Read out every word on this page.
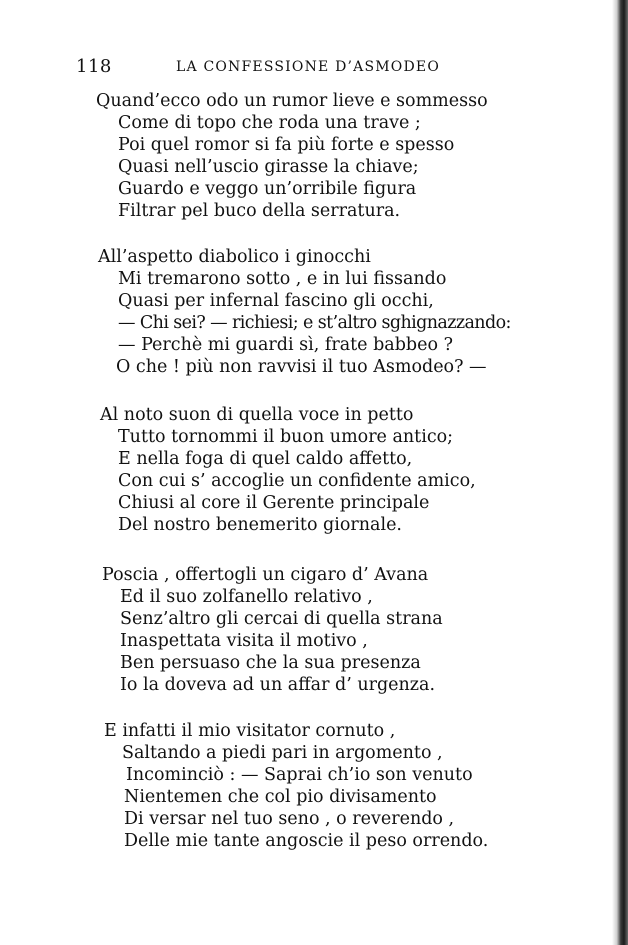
118	LA CONFESSIONE D’ASMODEO
Quand’ecco odo un rumor lieve e sommesso
Come di topo che roda una trave ;
Poi quel romor si fa più forte e spesso
Quasi nell’uscio girasse la chiave;
Guardo e veggo un’orribile figura
Filtrar pel buco della serratura.
All’aspetto diabolico i ginocchi
Mi tremarono sotto , e in lui fissando
Quasi per infernal fascino gli occhi,
— Chi sei? — richiesi; e st’altro sghignazzando:
— Perchè mi guardi sì, frate babbeo ?
O che ! più non ravvisi il tuo Asmodeo? —
Al noto suon di quella voce in petto
Tutto tornommi il buon umore antico;
E nella foga di quel caldo affetto,
Con cui s’ accoglie un confidente amico,
Chiusi al core il Gerente principale
Del nostro benemerito giornale.
Poscia , offertogli un cigaro d’ Avana
Ed il suo zolfanello relativo ,
Senz’altro gli cercai di quella strana
Inaspettata visita il motivo ,
Ben persuaso che la sua presenza
Io la doveva ad un affar d’ urgenza.
E infatti il mio visitator cornuto ,
Saltando a piedi pari in argomento ,
Incominciò : — Saprai ch’io son venuto
Nientemen che col pio divisamento
Di versar nel tuo seno , o reverendo ,
Delle mie tante angoscie il peso orrendo.
